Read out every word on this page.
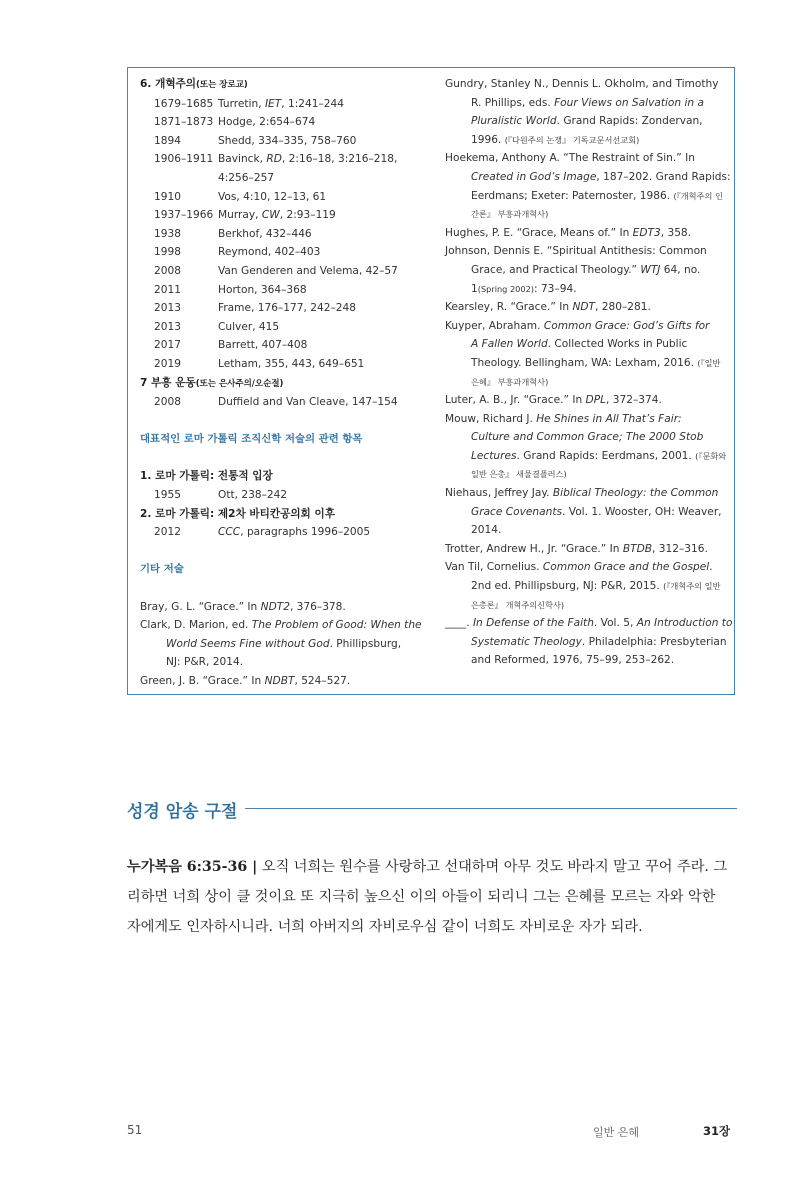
6. 개혁주의(또는 장로교)
1679–1685 Turretin, IET, 1:241–244
1871–1873 Hodge, 2:654–674
1894	Shedd, 334–335, 758–760
1906–1911 Bavinck, RD, 2:16–18, 3:216–218,
4:256–257
1910	Vos, 4:10, 12–13, 61
1937–1966 Murray, CW, 2:93–119
1938	Berkhof, 432–446
1998	Reymond, 402–403
2008	Van Genderen and Velema, 42–57
2011	Horton, 364–368
2013	Frame, 176–177, 242–248
2013	Culver, 415
2017	Barrett, 407–408
2019	Letham, 355, 443, 649–651
7 부흥 운동(또는 은사주의/오순절)
2008	Duffield and Van Cleave, 147–154
대표적인 로마 가톨릭 조직신학 저술의 관련 항목
1. 로마 가톨릭: 전통적 입장
1955	Ott, 238–242
2. 로마 가톨릭: 제2차 바티칸공의회 이후
2012	CCC, paragraphs 1996–2005
기타 저술
Bray, G. L. “Grace.” In NDT2, 376–378.
Clark, D. Marion, ed. The Problem of Good: When the
World Seems Fine without God. Phillipsburg,
NJ: P&R, 2014.
Green, J. B. “Grace.” In NDBT, 524–527.
Gundry, Stanley N., Dennis L. Okholm, and Timothy
R. Phillips, eds. Four Views on Salvation in a
Pluralistic World. Grand Rapids: Zondervan,
1996. (『다원주의 논쟁』 기독교문서선교회)
Hoekema, Anthony A. “The Restraint of Sin.” In
Created in God’s Image, 187–202. Grand Rapids:
Eerdmans; Exeter: Paternoster, 1986. (『개혁주의 인
간론』 부흥과개혁사)
Hughes, P. E. “Grace, Means of.” In EDT3, 358.
Johnson, Dennis E. “Spiritual Antithesis: Common
Grace, and Practical Theology.” WTJ 64, no.
1(Spring 2002): 73–94.
Kearsley, R. “Grace.” In NDT, 280–281.
Kuyper, Abraham. Common Grace: God’s Gifts for
A Fallen World. Collected Works in Public
Theology. Bellingham, WA: Lexham, 2016. (『일반
은혜』 부흥과개혁사)
Luter, A. B., Jr. “Grace.” In DPL, 372–374.
Mouw, Richard J. He Shines in All That’s Fair:
Culture and Common Grace; The 2000 Stob
Lectures. Grand Rapids: Eerdmans, 2001. (『문화와
일반 은총』 새물결플러스)
Niehaus, Jeffrey Jay. Biblical Theology: the Common
Grace Covenants. Vol. 1. Wooster, OH: Weaver,
2014.
Trotter, Andrew H., Jr. “Grace.” In BTDB, 312–316.
Van Til, Cornelius. Common Grace and the Gospel.
2nd ed. Phillipsburg, NJ: P&R, 2015. (『개혁주의 일반
은총론』 개혁주의신학사)
____. In Defense of the Faith. Vol. 5, An Introduction to
Systematic Theology. Philadelphia: Presbyterian
and Reformed, 1976, 75–99, 253–262.
성경 암송 구절
누가복음 6:35-36 | 오직 너희는 원수를 사랑하고 선대하며 아무 것도 바라지 말고 꾸어 주라. 그
리하면 너희 상이 클 것이요 또 지극히 높으신 이의 아들이 되리니 그는 은혜를 모르는 자와 악한
자에게도 인자하시니라. 너희 아버지의 자비로우심 같이 너희도 자비로운 자가 되라.
51	일반 은혜	31장
